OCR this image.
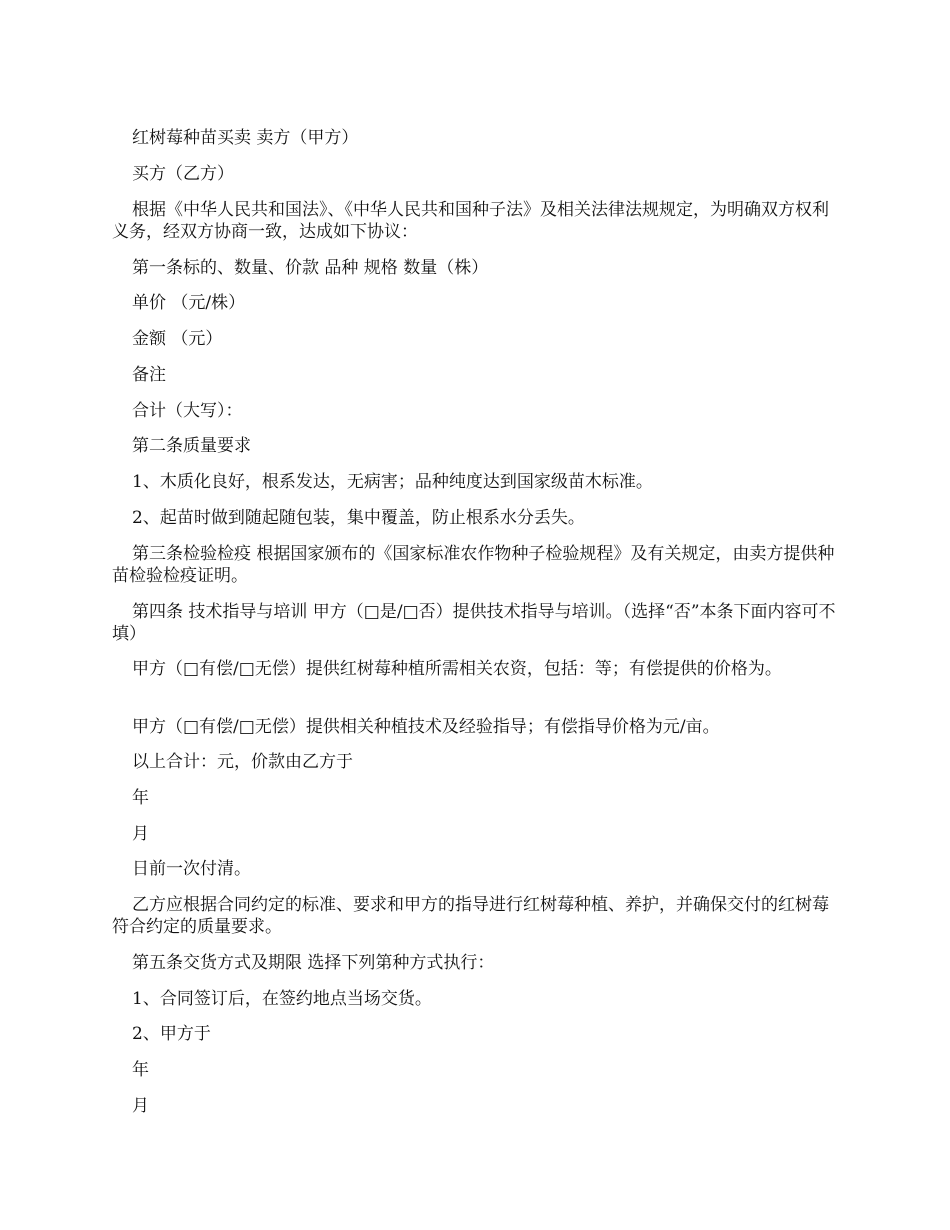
红树莓种苗买卖 卖方（甲方）

买方（乙方）

根据《中华人民共和国法》、《中华人民共和国种子法》及相关法律法规规定，为明确双方权利义务，经双方协商一致，达成如下协议：

第一条标的、数量、价款 品种 规格 数量（株）

单价 （元/株）

金额 （元）

备注

合计（大写）：

第二条质量要求

1、木质化良好，根系发达，无病害；品种纯度达到国家级苗木标准。

2、起苗时做到随起随包装，集中覆盖，防止根系水分丢失。

第三条检验检疫 根据国家颁布的《国家标准农作物种子检验规程》及有关规定，由卖方提供种苗检验检疫证明。

第四条 技术指导与培训 甲方（□是/□否）提供技术指导与培训。（选择“否”本条下面内容可不填）

甲方（□有偿/□无偿）提供红树莓种植所需相关农资，包括：等；有偿提供的价格为。

甲方（□有偿/□无偿）提供相关种植技术及经验指导；有偿指导价格为元/亩。

以上合计：元，价款由乙方于

年

月

日前一次付清。

乙方应根据合同约定的标准、要求和甲方的指导进行红树莓种植、养护，并确保交付的红树莓符合约定的质量要求。

第五条交货方式及期限 选择下列第种方式执行：

1、合同签订后，在签约地点当场交货。

2、甲方于

年

月
